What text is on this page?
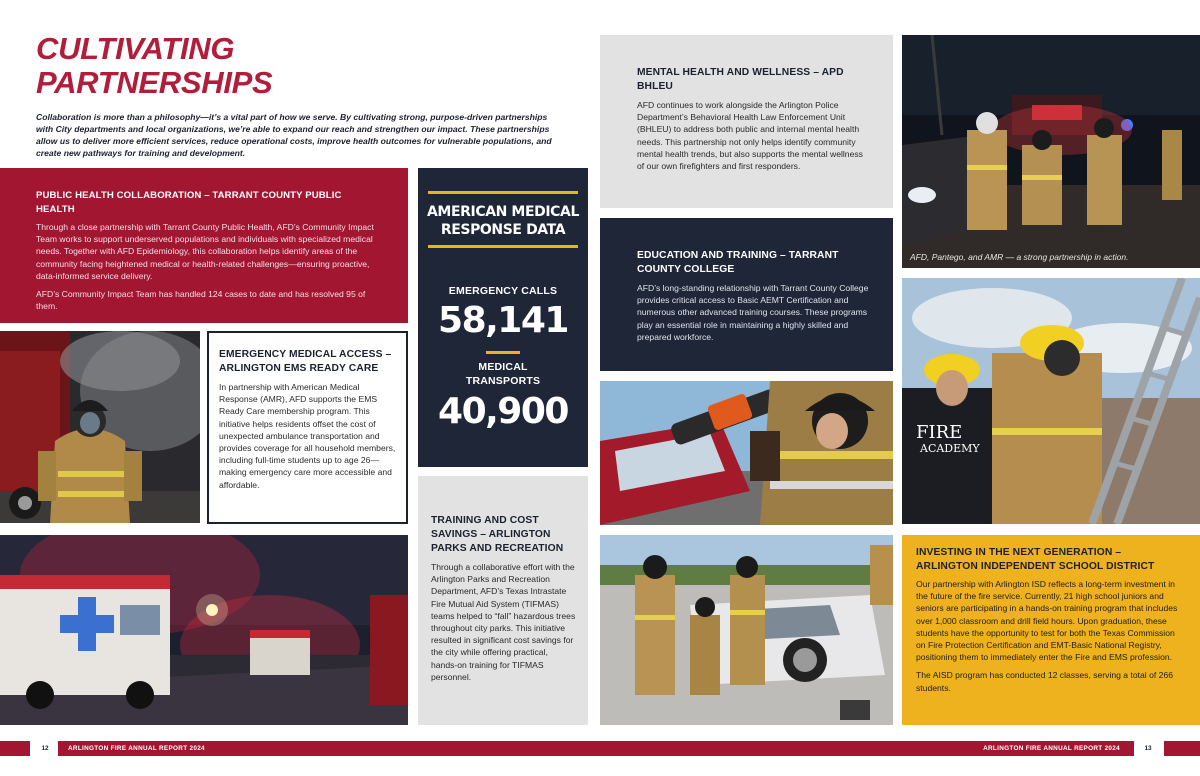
CULTIVATING
PARTNERSHIPS
Collaboration is more than a philosophy—it’s a vital part of how we serve. By cultivating strong, purpose-driven partnerships with City departments and local organizations, we’re able to expand our reach and strengthen our impact. These partnerships allow us to deliver more efficient services, reduce operational costs, improve health outcomes for vulnerable populations, and create new pathways for training and development.
PUBLIC HEALTH COLLABORATION – TARRANT COUNTY PUBLIC HEALTH

Through a close partnership with Tarrant County Public Health, AFD’s Community Impact Team works to support underserved populations and individuals with specialized medical needs. Together with AFD Epidemiology, this collaboration helps identify areas of the community facing heightened medical or health-related challenges—ensuring proactive, data-informed service delivery.

AFD’s Community Impact Team has handled 124 cases to date and has resolved 95 of them.

EMERGENCY MEDICAL ACCESS – ARLINGTON EMS READY CARE
In partnership with American Medical Response (AMR), AFD supports the EMS Ready Care membership program. This initiative helps residents offset the cost of unexpected ambulance transportation and provides coverage for all household members, including full-time students up to age 26—making emergency care more accessible and affordable.
AMERICAN MEDICAL RESPONSE DATA
EMERGENCY CALLS
58,141
MEDICAL
TRANSPORTS
40,900
TRAINING AND COST SAVINGS – ARLINGTON PARKS AND RECREATION
Through a collaborative effort with the Arlington Parks and Recreation Department, AFD’s Texas Intrastate Fire Mutual Aid System (TIFMAS) teams helped to “fall” hazardous trees throughout city parks. This initiative resulted in significant cost savings for the city while offering practical, hands-on training for TIFMAS personnel.
MENTAL HEALTH AND WELLNESS – APD BHLEU
AFD continues to work alongside the Arlington Police Department’s Behavioral Health Law Enforcement Unit (BHLEU) to address both public and internal mental health needs. This partnership not only helps identify community mental health trends, but also supports the mental wellness of our own firefighters and first responders.
EDUCATION AND TRAINING – TARRANT COUNTY COLLEGE
AFD’s long-standing relationship with Tarrant County College provides critical access to Basic AEMT Certification and numerous other advanced training courses. These programs play an essential role in maintaining a highly skilled and prepared workforce.
AFD, Pantego, and AMR — a strong partnership in action.
FIRE
ACADEMY
INVESTING IN THE NEXT GENERATION – ARLINGTON INDEPENDENT SCHOOL DISTRICT

Our partnership with Arlington ISD reflects a long-term investment in the future of the fire service. Currently, 21 high school juniors and seniors are participating in a hands-on training program that includes over 1,000 classroom and drill field hours. Upon graduation, these students have the opportunity to test for both the Texas Commission on Fire Protection Certification and EMT-Basic National Registry, positioning them to immediately enter the Fire and EMS profession.

The AISD program has conducted 12 classes, serving a total of 266 students.

12	ARLINGTON FIRE ANNUAL REPORT 2024	ARLINGTON FIRE ANNUAL REPORT 2024	13
